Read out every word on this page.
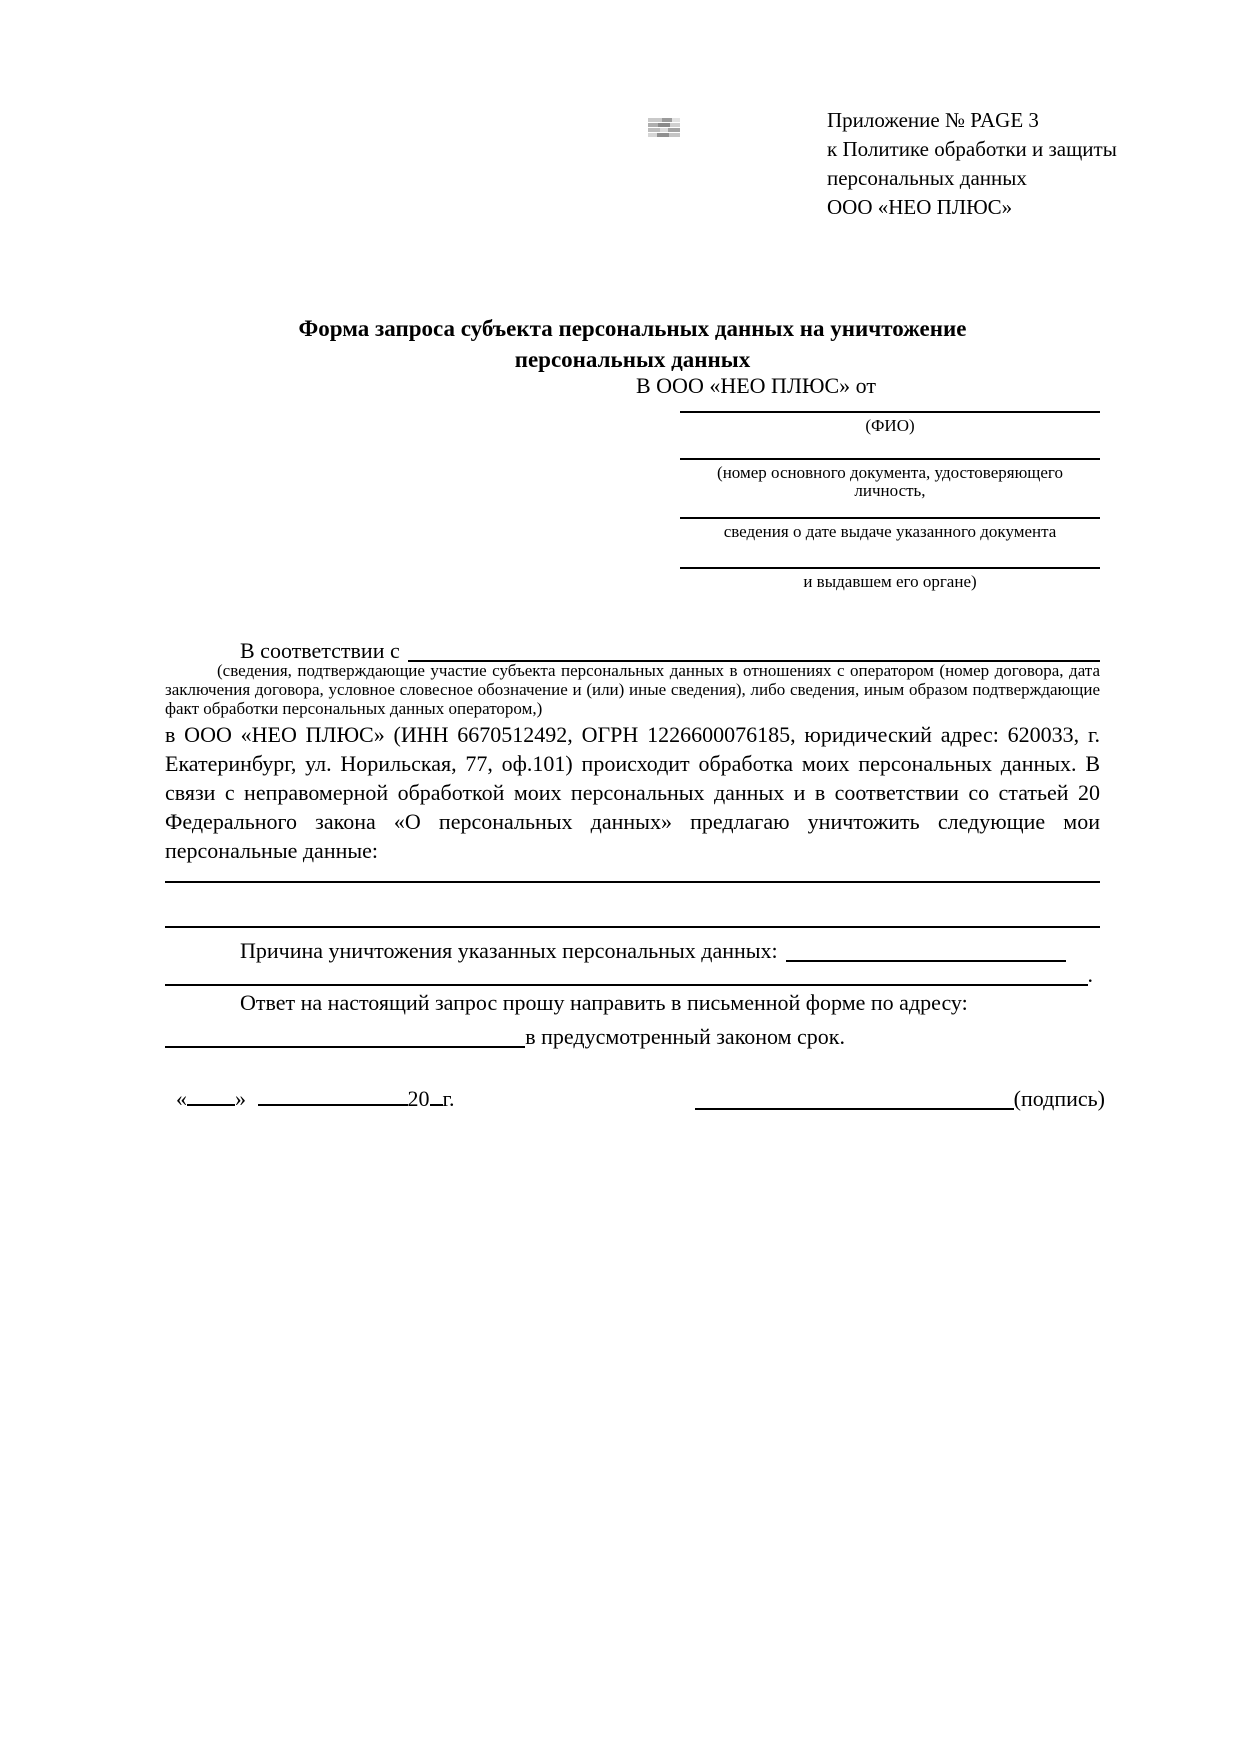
Приложение № PAGE 3
к Политике обработки и защиты
персональных данных
ООО «НЕО ПЛЮС»
Форма запроса субъекта персональных данных на уничтожение
персональных данных
В ООО «НЕО ПЛЮС» от
(ФИО)
(номер основного документа, удостоверяющего личность,
сведения о дате выдаче указанного документа
и выдавшем его органе)
В соответствии с
(сведения, подтверждающие участие субъекта персональных данных в отношениях с оператором (номер договора, дата заключения договора, условное словесное обозначение и (или) иные сведения), либо сведения, иным образом подтверждающие факт обработки персональных данных оператором,)
в ООО «НЕО ПЛЮС» (ИНН 6670512492, ОГРН 1226600076185, юридический адрес: 620033, г. Екатеринбург, ул. Норильская, 77, оф.101) происходит обработка моих персональных данных. В связи с неправомерной обработкой моих персональных данных и в соответствии со статьей 20 Федерального закона «О персональных данных» предлагаю уничтожить следующие мои персональные данные:
Причина уничтожения указанных персональных данных:
.
Ответ на настоящий запрос прошу направить в письменной форме по адресу:
в предусмотренный законом срок.
« »	20 г.	(подпись)
